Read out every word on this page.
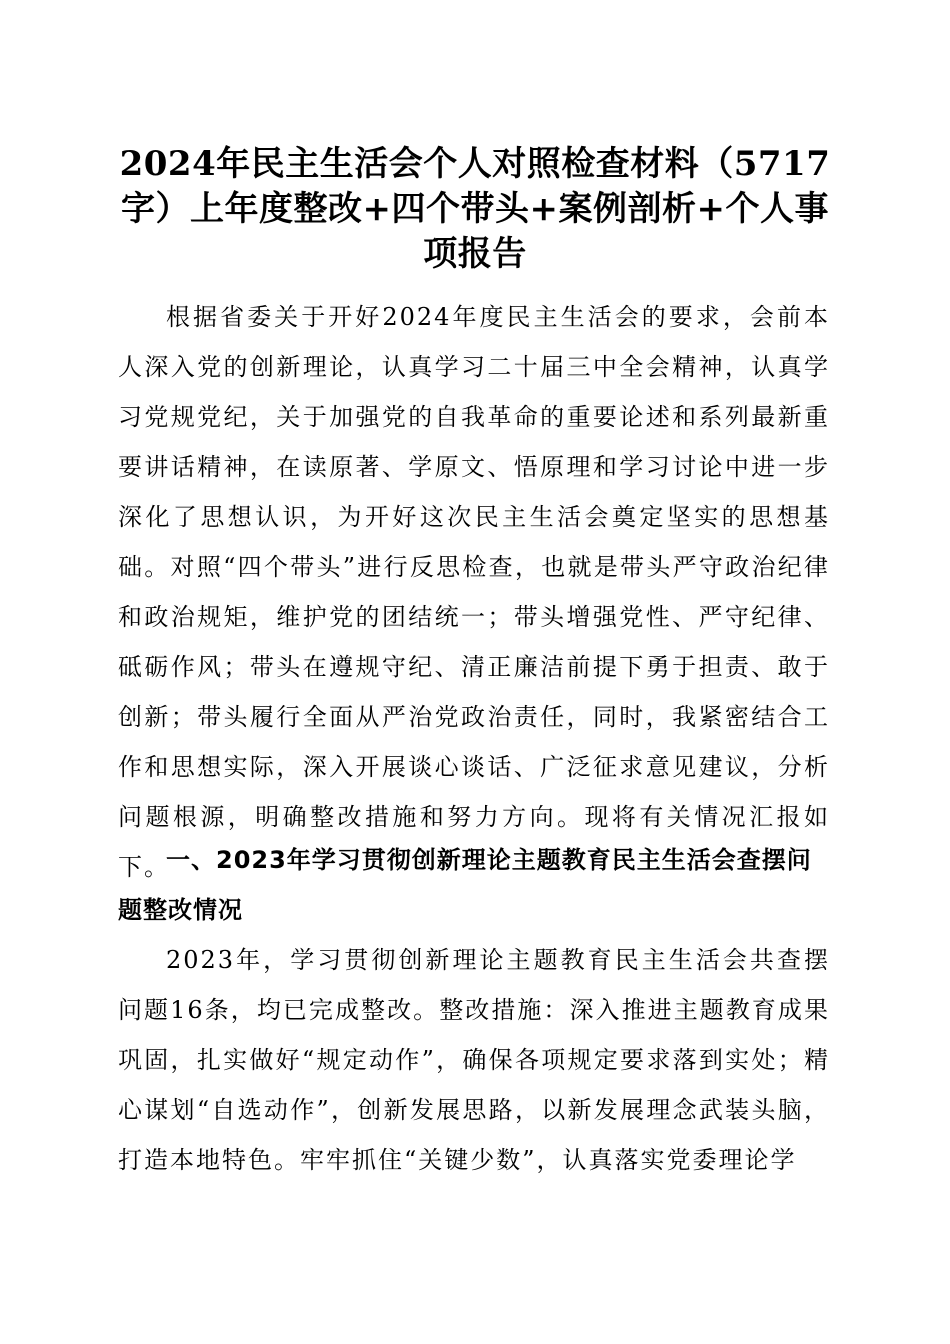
2024年民主生活会个人对照检查材料（5717字）上年度整改+四个带头+案例剖析+个人事项报告

根据省委关于开好2024年度民主生活会的要求，会前本人深入党的创新理论，认真学习二十届三中全会精神，认真学习党规党纪，关于加强党的自我革命的重要论述和系列最新重要讲话精神，在读原著、学原文、悟原理和学习讨论中进一步深化了思想认识，为开好这次民主生活会奠定坚实的思想基础。对照“四个带头”进行反思检查，也就是带头严守政治纪律和政治规矩，维护党的团结统一；带头增强党性、严守纪律、砥砺作风；带头在遵规守纪、清正廉洁前提下勇于担责、敢于创新；带头履行全面从严治党政治责任，同时，我紧密结合工作和思想实际，深入开展谈心谈话、广泛征求意见建议，分析问题根源，明确整改措施和努力方向。现将有关情况汇报如下。

一、2023年学习贯彻创新理论主题教育民主生活会查摆问题整改情况

2023年，学习贯彻创新理论主题教育民主生活会共查摆问题16条，均已完成整改。整改措施：深入推进主题教育成果巩固，扎实做好“规定动作”，确保各项规定要求落到实处；精心谋划“自选动作”，创新发展思路，以新发展理念武装头脑，打造本地特色。牢牢抓住“关键少数”，认真落实党委理论学
